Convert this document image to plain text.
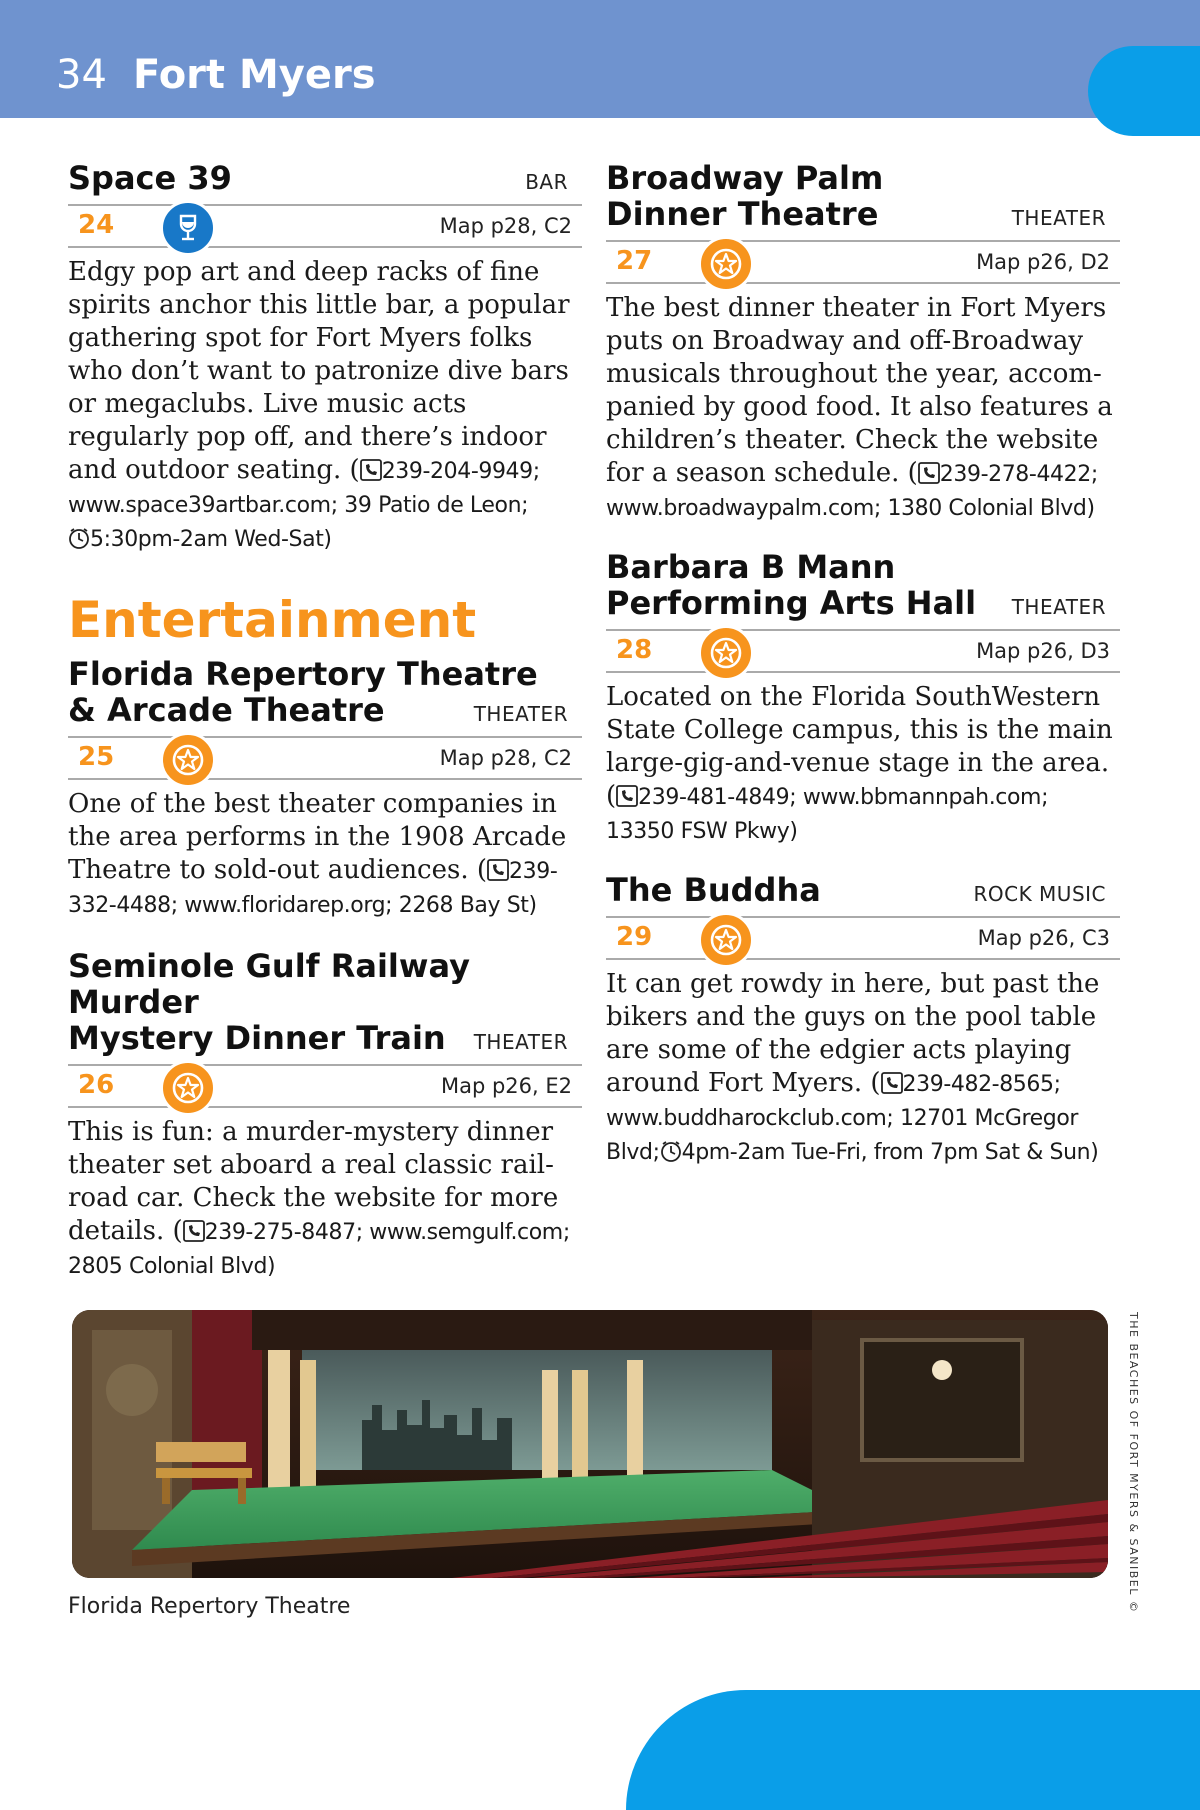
34 Fort Myers
Space 39	BAR
24	Map p28, C2
Edgy pop art and deep racks of fine spirits anchor this little bar, a popular gathering spot for Fort Myers folks who don’t want to patronize dive bars or megaclubs. Live music acts regularly pop off, and there’s indoor and outdoor seating. ( 239-204-9949; www.space39artbar.com; 39 Patio de Leon;
5:30pm-2am Wed-Sat)
Entertainment
Florida Repertory Theatre
& Arcade Theatre	THEATER
25	Map p28, C2
One of the best theater companies in the area performs in the 1908 Arcade Theatre to sold-out audiences. ( 239-332-4488; www.floridarep.org; 2268 Bay St)
Seminole Gulf Railway Murder
Mystery Dinner Train THEATER
26	Map p26, E2
This is fun: a murder-mystery dinner theater set aboard a real classic rail-road car. Check the website for more details. ( 239-275-8487; www.semgulf.com; 2805 Colonial Blvd)
Broadway Palm
Dinner Theatre	THEATER
27	Map p26, D2
The best dinner theater in Fort Myers puts on Broadway and off-Broadway musicals throughout the year, accom-panied by good food. It also features a children’s theater. Check the website for a season schedule. ( 239-278-4422; www.broadwaypalm.com; 1380 Colonial Blvd)
Barbara B Mann
Performing Arts Hall THEATER
28	Map p26, D3
Located on the Florida SouthWestern State College campus, this is the main large-gig-and-venue stage in the area. ( 239-481-4849; www.bbmannpah.com; 13350 FSW Pkwy)
The Buddha	ROCK MUSIC
29	Map p26, C3
It can get rowdy in here, but past the bikers and the guys on the pool table are some of the edgier acts playing around Fort Myers. ( 239-482-8565; www.buddharockclub.com; 12701 McGregor Blvd; 4pm-2am Tue-Fri, from 7pm Sat & Sun)
Florida Repertory Theatre	THE BEACHES OF FORT MYERS & SANIBEL ©
